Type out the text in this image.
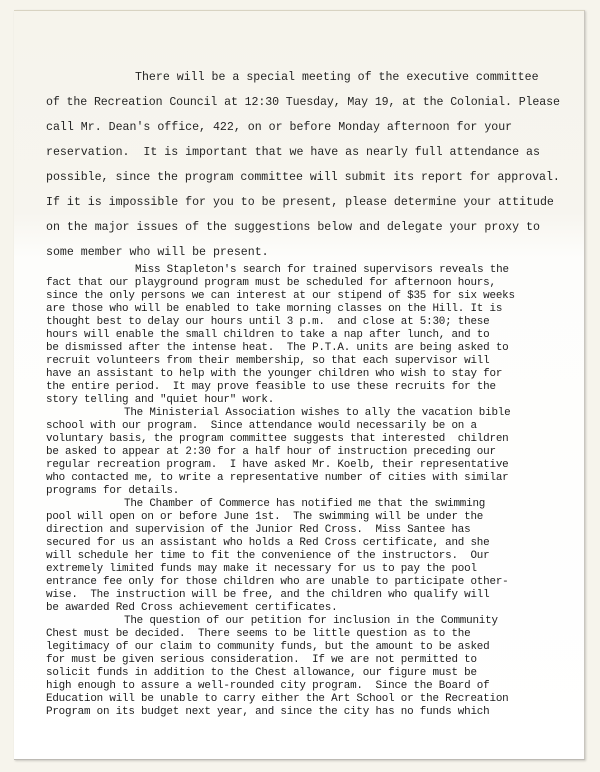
There will be a special meeting of the executive committee

of the Recreation Council at 12:30 Tuesday, May 19, at the Colonial. Please

call Mr. Dean's office, 422, on or before Monday afternoon for your

reservation.  It is important that we have as nearly full attendance as

possible, since the program committee will submit its report for approval.

If it is impossible for you to be present, please determine your attitude

on the major issues of the suggestions below and delegate your proxy to

some member who will be present.

Miss Stapleton's search for trained supervisors reveals the

fact that our playground program must be scheduled for afternoon hours,

since the only persons we can interest at our stipend of $35 for six weeks

are those who will be enabled to take morning classes on the Hill. It is

thought best to delay our hours until 3 p.m.  and close at 5:30; these

hours will enable the small children to take a nap after lunch, and to

be dismissed after the intense heat.  The P.T.A. units are being asked to

recruit volunteers from their membership, so that each supervisor will

have an assistant to help with the younger children who wish to stay for

the entire period.  It may prove feasible to use these recruits for the

story telling and "quiet hour" work.

The Ministerial Association wishes to ally the vacation bible

school with our program.  Since attendance would necessarily be on a

voluntary basis, the program committee suggests that interested  children

be asked to appear at 2:30 for a half hour of instruction preceding our

regular recreation program.  I have asked Mr. Koelb, their representative

who contacted me, to write a representative number of cities with similar

programs for details.

The Chamber of Commerce has notified me that the swimming

pool will open on or before June 1st.  The swimming will be under the

direction and supervision of the Junior Red Cross.  Miss Santee has

secured for us an assistant who holds a Red Cross certificate, and she

will schedule her time to fit the convenience of the instructors.  Our

extremely limited funds may make it necessary for us to pay the pool

entrance fee only for those children who are unable to participate other-

wise.  The instruction will be free, and the children who qualify will

be awarded Red Cross achievement certificates.

The question of our petition for inclusion in the Community

Chest must be decided.  There seems to be little question as to the

legitimacy of our claim to community funds, but the amount to be asked

for must be given serious consideration.  If we are not permitted to

solicit funds in addition to the Chest allowance, our figure must be

high enough to assure a well-rounded city program.  Since the Board of

Education will be unable to carry either the Art School or the Recreation

Program on its budget next year, and since the city has no funds which
